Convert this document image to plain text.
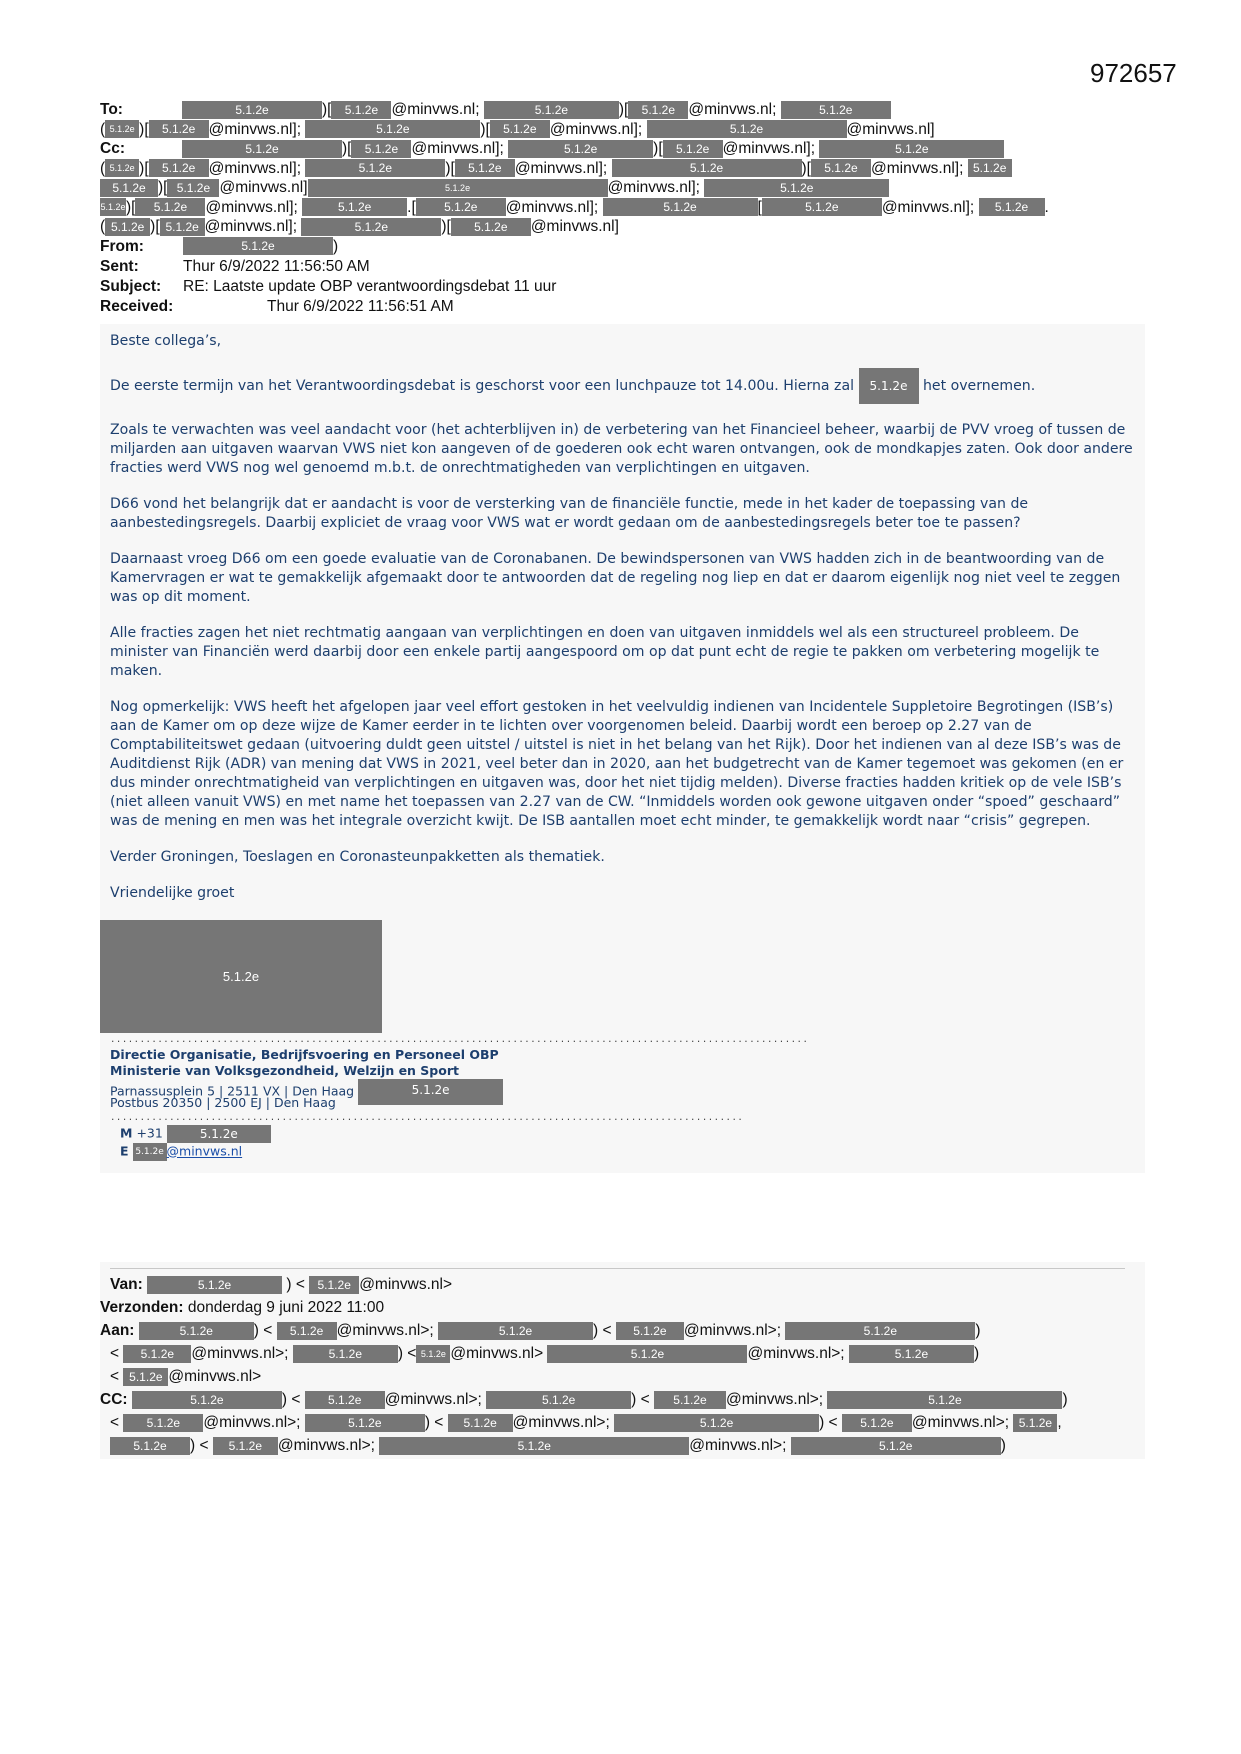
972657
To:	5.1.2e	)[ 5.1.2e @minvws.nl;	5.1.2e	)[ 5.1.2e @minvws.nl;	5.1.2e
( 5.1.2e )[ 5.1.2e @minvws.nl];	5.1.2e	)[ 5.1.2e @minvws.nl];	5.1.2e	@minvws.nl]
Cc:	5.1.2e	)[ 5.1.2e @minvws.nl];	5.1.2e	)[ 5.1.2e @minvws.nl];	5.1.2e
( 5.1.2e )[ 5.1.2e @minvws.nl];	5.1.2e	)[ 5.1.2e @minvws.nl];	5.1.2e	)[ 5.1.2e @minvws.nl]; 5.1.2e
5.1.2e )[ 5.1.2e @minvws.nl]	5.1.2e	@minvws.nl];	5.1.2e
5.1.2e)[ 5.1.2e @minvws.nl];	5.1.2e .[ 5.1.2e @minvws.nl];	5.1.2e	[	5.1.2e	@minvws.nl]; 5.1.2e .
( 5.1.2e )[ 5.1.2e @minvws.nl];	5.1.2e	)[ 5.1.2e @minvws.nl]
From:	5.1.2e	)
Sent:	Thur 6/9/2022 11:56:50 AM
Subject: RE: Laatste update OBP verantwoordingsdebat 11 uur
Received:	Thur 6/9/2022 11:56:51 AM

Beste collega’s,

De eerste termijn van het Verantwoordingsdebat is geschorst voor een lunchpauze tot 14.00u. Hierna zal 5.1.2e het overnemen.

Zoals te verwachten was veel aandacht voor (het achterblijven in) de verbetering van het Financieel beheer, waarbij de PVV vroeg of tussen de miljarden aan uitgaven waarvan VWS niet kon aangeven of de goederen ook echt waren ontvangen, ook de mondkapjes zaten. Ook door andere fracties werd VWS nog wel genoemd m.b.t. de onrechtmatigheden van verplichtingen en uitgaven.

D66 vond het belangrijk dat er aandacht is voor de versterking van de financiële functie, mede in het kader de toepassing van de aanbestedingsregels. Daarbij expliciet de vraag voor VWS wat er wordt gedaan om de aanbestedingsregels beter toe te passen?

Daarnaast vroeg D66 om een goede evaluatie van de Coronabanen. De bewindspersonen van VWS hadden zich in de beantwoording van de Kamervragen er wat te gemakkelijk afgemaakt door te antwoorden dat de regeling nog liep en dat er daarom eigenlijk nog niet veel te zeggen was op dit moment.

Alle fracties zagen het niet rechtmatig aangaan van verplichtingen en doen van uitgaven inmiddels wel als een structureel probleem. De minister van Financiën werd daarbij door een enkele partij aangespoord om op dat punt echt de regie te pakken om verbetering mogelijk te maken.

Nog opmerkelijk: VWS heeft het afgelopen jaar veel effort gestoken in het veelvuldig indienen van Incidentele Suppletoire Begrotingen (ISB’s) aan de Kamer om op deze wijze de Kamer eerder in te lichten over voorgenomen beleid. Daarbij wordt een beroep op 2.27 van de Comptabiliteitswet gedaan (uitvoering duldt geen uitstel / uitstel is niet in het belang van het Rijk). Door het indienen van al deze ISB’s was de Auditdienst Rijk (ADR) van mening dat VWS in 2021, veel beter dan in 2020, aan het budgetrecht van de Kamer tegemoet was gekomen (en er dus minder onrechtmatigheid van verplichtingen en uitgaven was, door het niet tijdig melden). Diverse fracties hadden kritiek op de vele ISB’s (niet alleen vanuit VWS) en met name het toepassen van 2.27 van de CW. “Inmiddels worden ook gewone uitgaven onder “spoed” geschaard” was de mening en men was het integrale overzicht kwijt. De ISB aantallen moet echt minder, te gemakkelijk wordt naar “crisis” gegrepen.

Verder Groningen, Toeslagen en Coronasteunpakketten als thematiek.

Vriendelijke groet

5.1.2e
......................................................................................................................
Directie Organisatie, Bedrijfsvoering en Personeel OBP
Ministerie van Volksgezondheid, Welzijn en Sport
Parnassusplein 5 | 2511 VX | Den Haag	5.1.2e
Postbus 20350 | 2500 EJ | Den Haag
...........................................................................................................
M +31	5.1.2e
E 5.1.2e @minvws.nl
Van:	5.1.2e	) < 5.1.2e @minvws.nl>
Verzonden: donderdag 9 juni 2022 11:00
Aan:	5.1.2e	) < 5.1.2e @minvws.nl>;	5.1.2e	) < 5.1.2e @minvws.nl>;	5.1.2e	)
< 5.1.2e @minvws.nl>;	5.1.2e ) < 5.1.2e @minvws.nl>	5.1.2e	@minvws.nl>;	5.1.2e	)
< 5.1.2e @minvws.nl>
CC:	5.1.2e	) < 5.1.2e @minvws.nl>;	5.1.2e	) < 5.1.2e @minvws.nl>;	5.1.2e	)
< 5.1.2e @minvws.nl>;	5.1.2e	) < 5.1.2e @minvws.nl>;	5.1.2e	) < 5.1.2e @minvws.nl>; 5.1.2e ,
5.1.2e ) < 5.1.2e @minvws.nl>;	5.1.2e	@minvws.nl>;	5.1.2e	)
